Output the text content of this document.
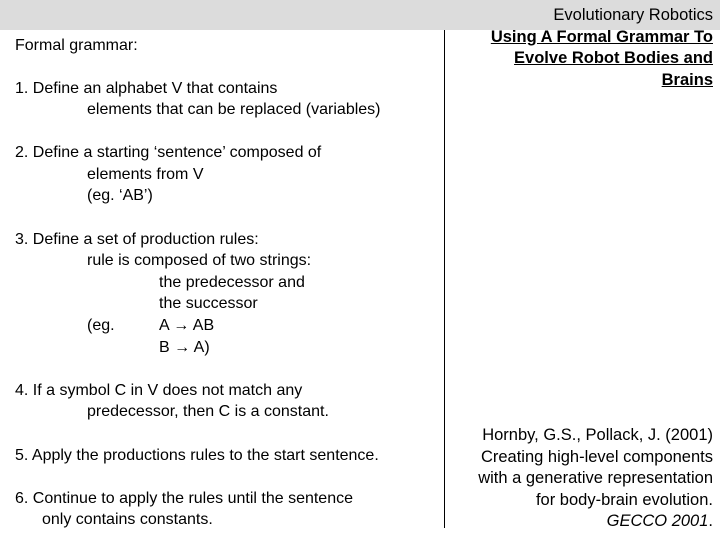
Evolutionary Robotics
Using A Formal Grammar To
Evolve Robot Bodies and
Brains
Formal grammar:
1. Define an alphabet V that contains
elements that can be replaced (variables)
2. Define a starting ‘sentence’ composed of
elements from V
(eg. ‘AB’)
3. Define a set of production rules:
rule is composed of two strings:
the predecessor and
the successor
(eg.	A → AB
B → A)
4. If a symbol C in V does not match any
predecessor, then C is a constant.
5. Apply the productions rules to the start sentence.
6. Continue to apply the rules until the sentence
only contains constants.
Hornby, G.S., Pollack, J. (2001)
Creating high-level components
with a generative representation
for body-brain evolution.
GECCO 2001.
